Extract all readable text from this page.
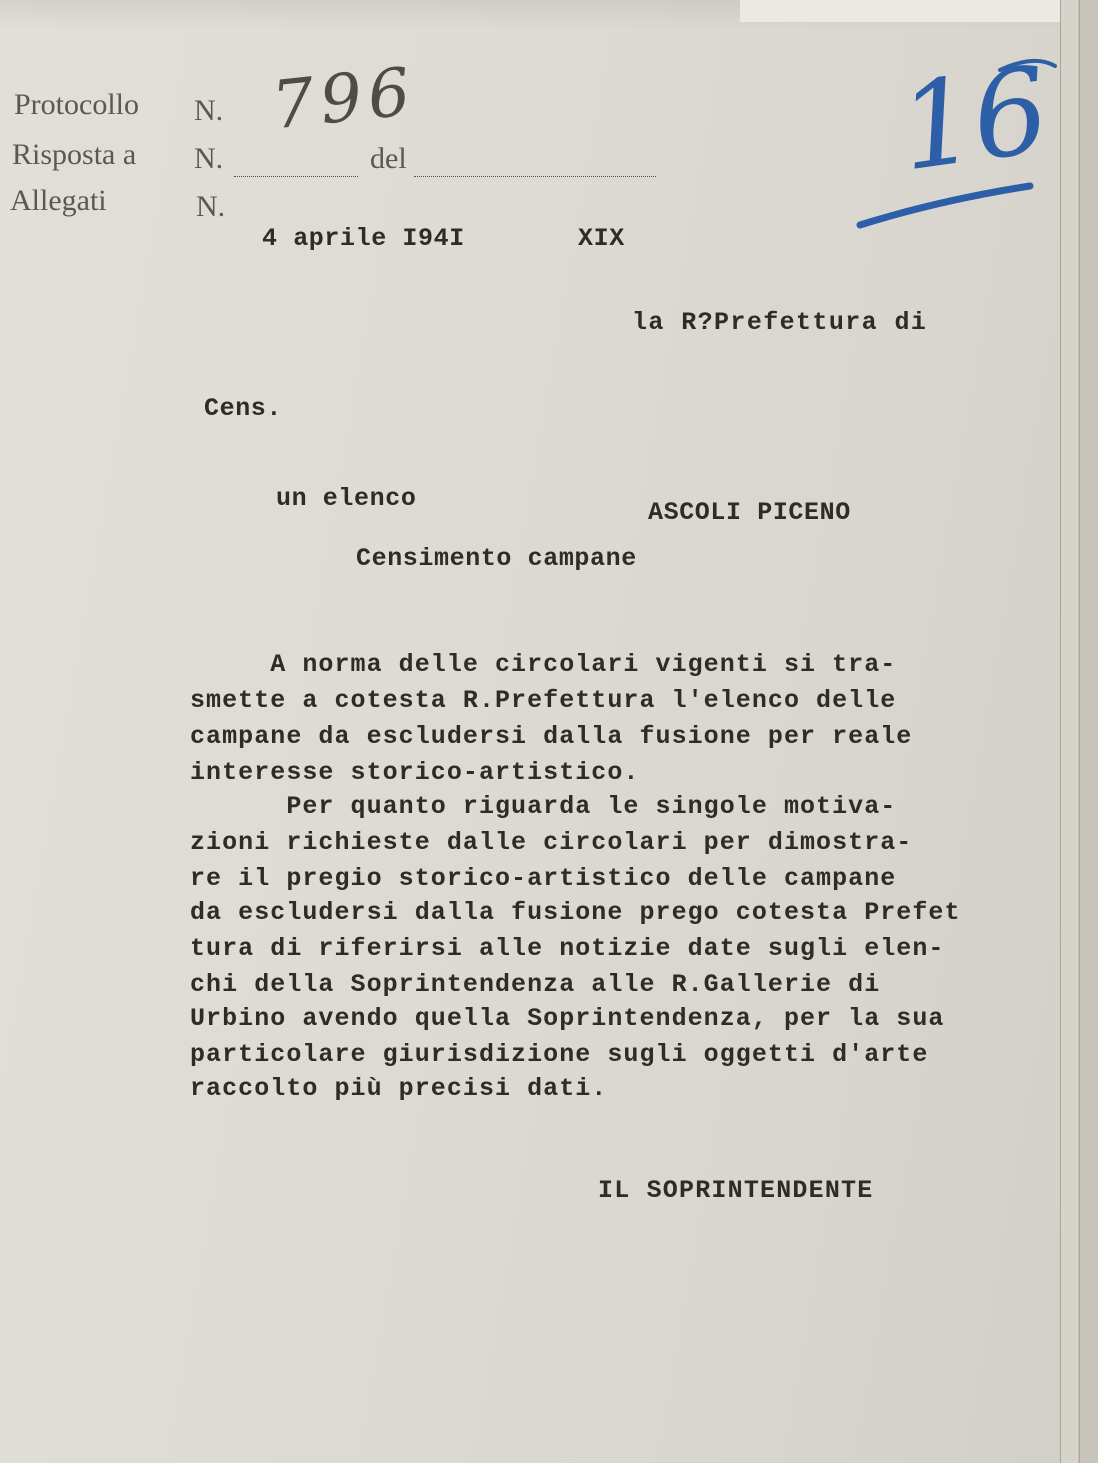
Protocollo N.
Risposta a N.	del
Allegati	N.
796	16
4 aprile I94I	XIX
la R?Prefettura di
Cens.
un elenco	ASCOLI PICENO
Censimento campane
A norma delle circolari vigenti si tra-
smette a cotesta R.Prefettura l'elenco delle
campane da escludersi dalla fusione per reale
interesse storico-artistico.
Per quanto riguarda le singole motiva-
zioni richieste dalle circolari per dimostra-
re il pregio storico-artistico delle campane
da escludersi dalla fusione prego cotesta Prefet
tura di riferirsi alle notizie date sugli elen-
chi della Soprintendenza alle R.Gallerie di
Urbino avendo quella Soprintendenza, per la sua
particolare giurisdizione sugli oggetti d'arte
raccolto più precisi dati.
IL SOPRINTENDENTE
